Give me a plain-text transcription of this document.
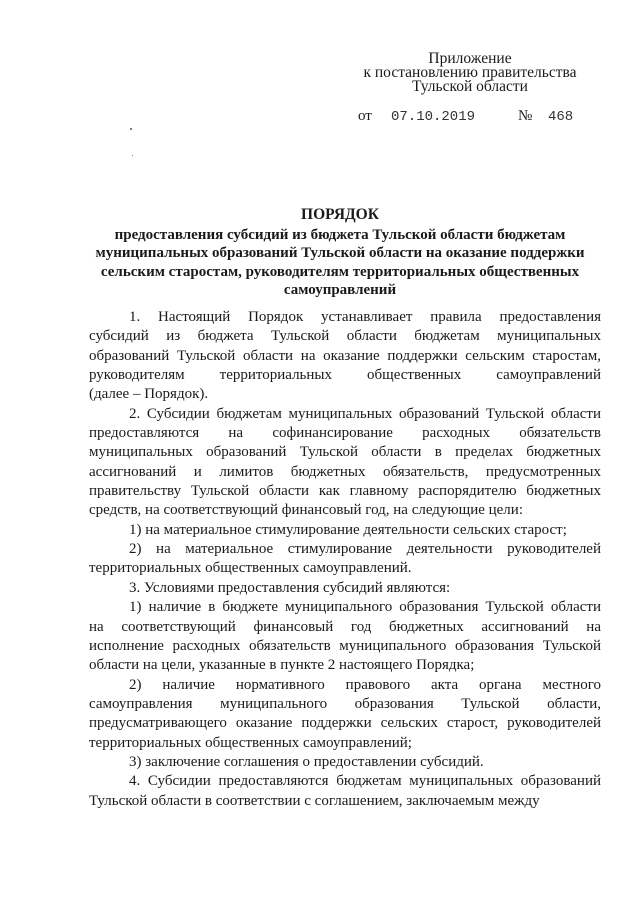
Приложение
к постановлению правительства
Тульской области
от 07.10.2019	№ 468
ПОРЯДОК
предоставления субсидий из бюджета Тульской области бюджетам
муниципальных образований Тульской области на оказание поддержки
сельским старостам, руководителям территориальных общественных
самоуправлений

1. Настоящий Порядок устанавливает правила предоставления
субсидий из бюджета Тульской области бюджетам муниципальных
образований Тульской области на оказание поддержки сельским старостам,
руководителям территориальных общественных самоуправлений
(далее – Порядок).

2. Субсидии бюджетам муниципальных образований Тульской области
предоставляются на софинансирование расходных обязательств
муниципальных образований Тульской области в пределах бюджетных
ассигнований и лимитов бюджетных обязательств, предусмотренных
правительству Тульской области как главному распорядителю бюджетных
средств, на соответствующий финансовый год, на следующие цели:

1) на материальное стимулирование деятельности сельских старост;

2) на материальное стимулирование деятельности руководителей
территориальных общественных самоуправлений.

3. Условиями предоставления субсидий являются:

1) наличие в бюджете муниципального образования Тульской области
на соответствующий финансовый год бюджетных ассигнований на
исполнение расходных обязательств муниципального образования Тульской
области на цели, указанные в пункте 2 настоящего Порядка;

2) наличие нормативного правового акта органа местного
самоуправления муниципального образования Тульской области,
предусматривающего оказание поддержки сельских старост, руководителей
территориальных общественных самоуправлений;

3) заключение соглашения о предоставлении субсидий.

4. Субсидии предоставляются бюджетам муниципальных образований
Тульской области в соответствии с соглашением, заключаемым между
